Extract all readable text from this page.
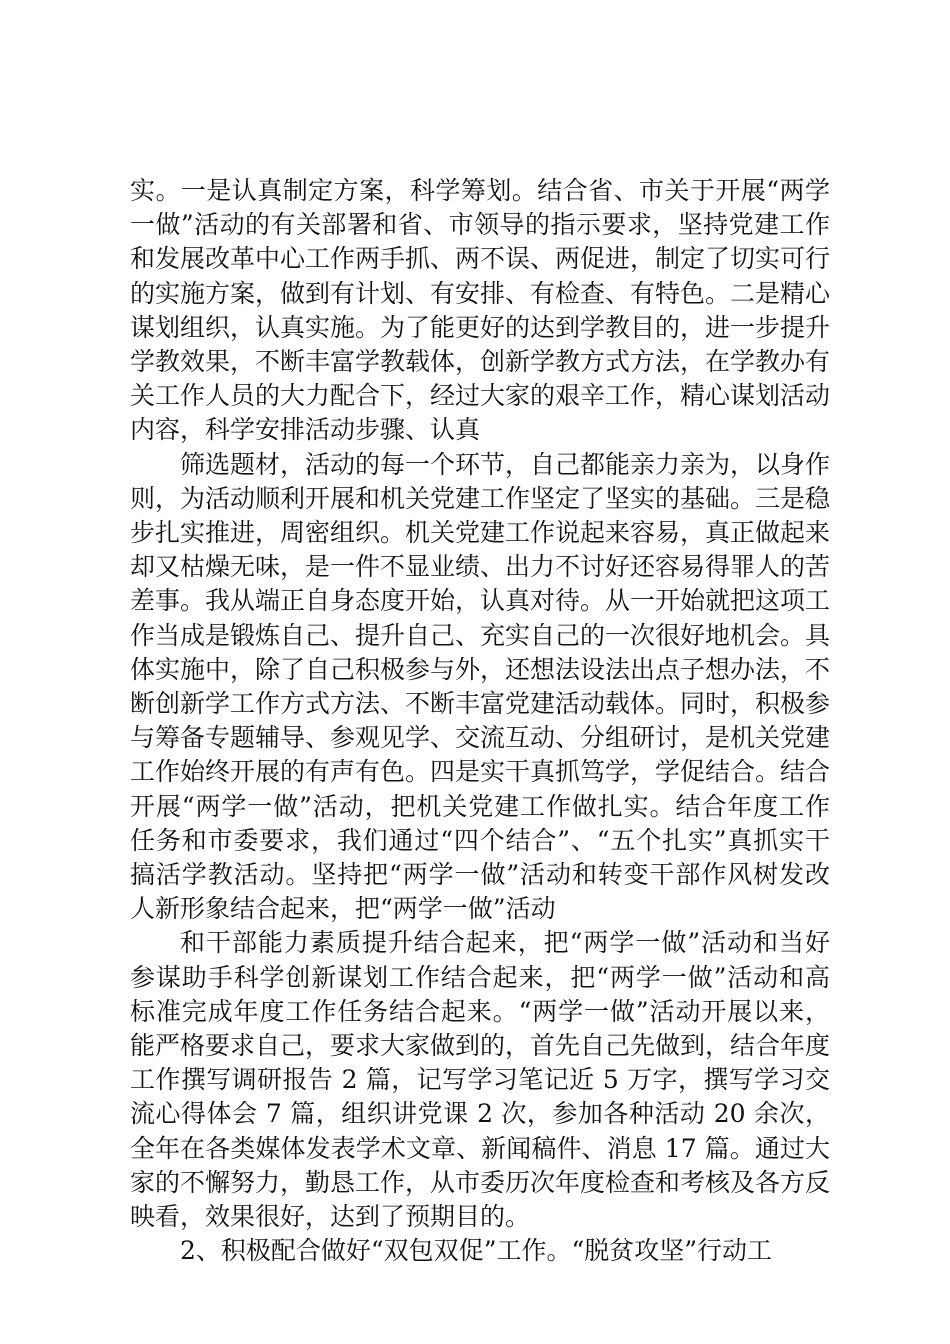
实。一是认真制定方案，科学筹划。结合省、市关于开展“两学一做”活动的有关部署和省、市领导的指示要求，坚持党建工作和发展改革中心工作两手抓、两不误、两促进，制定了切实可行的实施方案，做到有计划、有安排、有检查、有特色。二是精心谋划组织，认真实施。为了能更好的达到学教目的，进一步提升学教效果，不断丰富学教载体，创新学教方式方法，在学教办有关工作人员的大力配合下，经过大家的艰辛工作，精心谋划活动内容，科学安排活动步骤、认真

筛选题材，活动的每一个环节，自己都能亲力亲为，以身作则，为活动顺利开展和机关党建工作坚定了坚实的基础。三是稳步扎实推进，周密组织。机关党建工作说起来容易，真正做起来却又枯燥无味，是一件不显业绩、出力不讨好还容易得罪人的苦差事。我从端正自身态度开始，认真对待。从一开始就把这项工作当成是锻炼自己、提升自己、充实自己的一次很好地机会。具体实施中，除了自己积极参与外，还想法设法出点子想办法，不断创新学工作方式方法、不断丰富党建活动载体。同时，积极参与筹备专题辅导、参观见学、交流互动、分组研讨，是机关党建工作始终开展的有声有色。四是实干真抓笃学，学促结合。结合开展“两学一做”活动，把机关党建工作做扎实。结合年度工作任务和市委要求，我们通过“四个结合”、“五个扎实”真抓实干搞活学教活动。坚持把“两学一做”活动和转变干部作风树发改人新形象结合起来，把“两学一做”活动

和干部能力素质提升结合起来，把“两学一做”活动和当好参谋助手科学创新谋划工作结合起来，把“两学一做”活动和高标准完成年度工作任务结合起来。“两学一做”活动开展以来，能严格要求自己，要求大家做到的，首先自己先做到，结合年度工作撰写调研报告 2 篇，记写学习笔记近 5 万字，撰写学习交流心得体会 7 篇，组织讲党课 2 次，参加各种活动 20 余次，全年在各类媒体发表学术文章、新闻稿件、消息 17 篇。通过大家的不懈努力，勤恳工作，从市委历次年度检查和考核及各方反映看，效果很好，达到了预期目的。

2、积极配合做好“双包双促”工作。“脱贫攻坚”行动工
